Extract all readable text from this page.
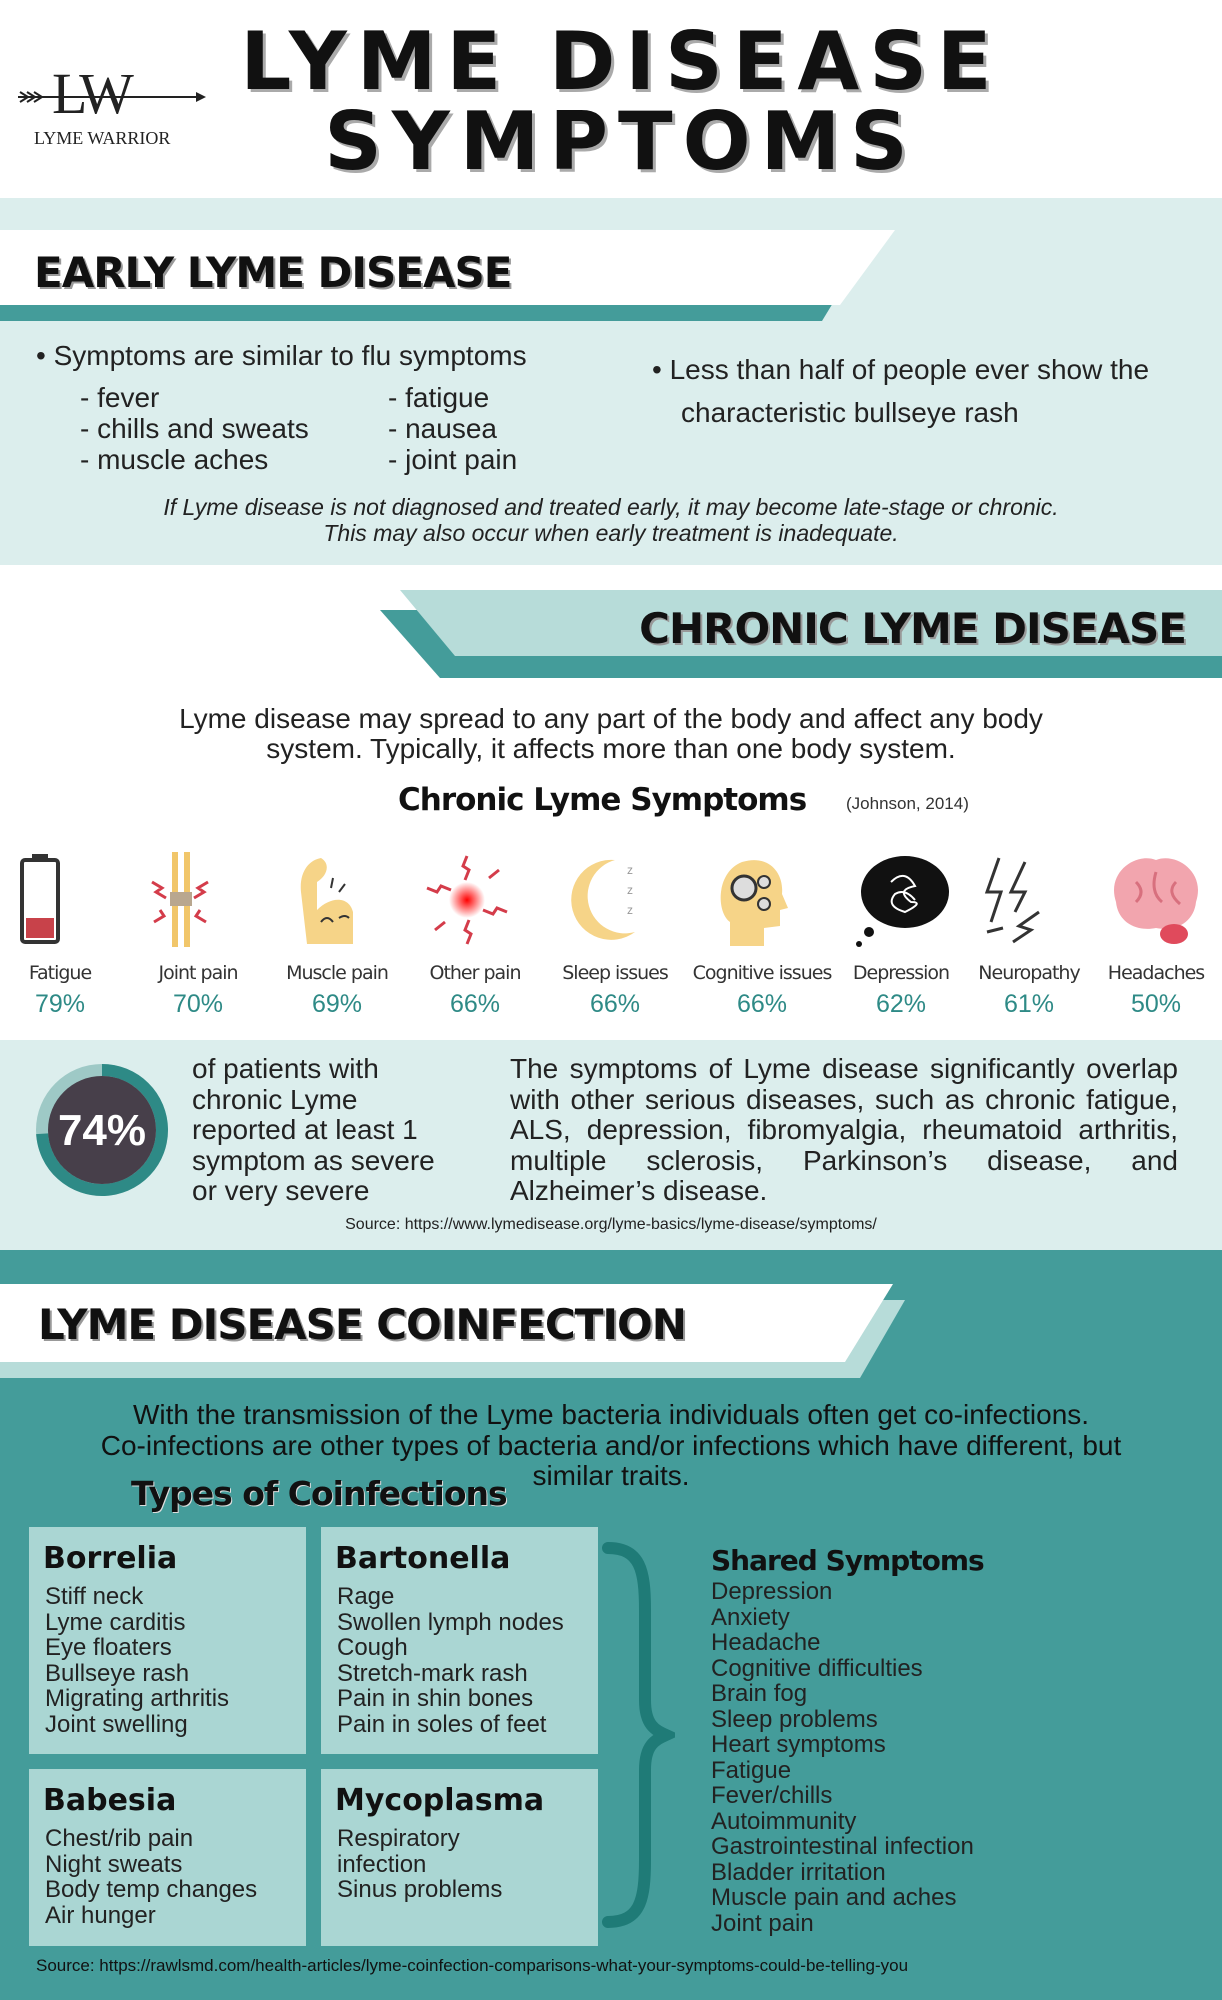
LW
LYME WARRIOR
LYME DISEASE
SYMPTOMS
EARLY LYME DISEASE
• Symptoms are similar to flu symptoms
- fever
- chills and sweats
- muscle aches
- fatigue
- nausea
- joint pain
• Less than half of people ever show the
characteristic bullseye rash
If Lyme disease is not diagnosed and treated early, it may become late-stage or chronic.
This may also occur when early treatment is inadequate.
CHRONIC LYME DISEASE
Lyme disease may spread to any part of the body and affect any body
system. Typically, it affects more than one body system.
Chronic Lyme Symptoms (Johnson, 2014)
Fatigue
79%
Joint pain
70%
Muscle pain
69%
Other pain
66%
z
z
z
Sleep issues
66%
Cognitive issues
66%
Depression
62%
Neuropathy
61%
Headaches
50%
74%
of patients with
chronic Lyme
reported at least 1
symptom as severe
or very severe
The symptoms of Lyme disease significantly overlap with other serious diseases, such as chronic fatigue, ALS, depression, fibromyalgia, rheumatoid arthritis, multiple sclerosis, Parkinson’s disease, and Alzheimer’s disease.
Source: https://www.lymedisease.org/lyme-basics/lyme-disease/symptoms/
LYME DISEASE COINFECTION
With the transmission of the Lyme bacteria individuals often get co-infections.
Co-infections are other types of bacteria and/or infections which have different, but
similar traits.
Types of Coinfections
Borrelia
Stiff neck
Lyme carditis
Eye floaters
Bullseye rash
Migrating arthritis
Joint swelling
Bartonella
Rage
Swollen lymph nodes
Cough
Stretch-mark rash
Pain in shin bones
Pain in soles of feet
Babesia
Chest/rib pain
Night sweats
Body temp changes
Air hunger
Mycoplasma
Respiratory
infection
Sinus problems
Shared Symptoms
Depression
Anxiety
Headache
Cognitive difficulties
Brain fog
Sleep problems
Heart symptoms
Fatigue
Fever/chills
Autoimmunity
Gastrointestinal infection
Bladder irritation
Muscle pain and aches
Joint pain
Source: https://rawlsmd.com/health-articles/lyme-coinfection-comparisons-what-your-symptoms-could-be-telling-you
